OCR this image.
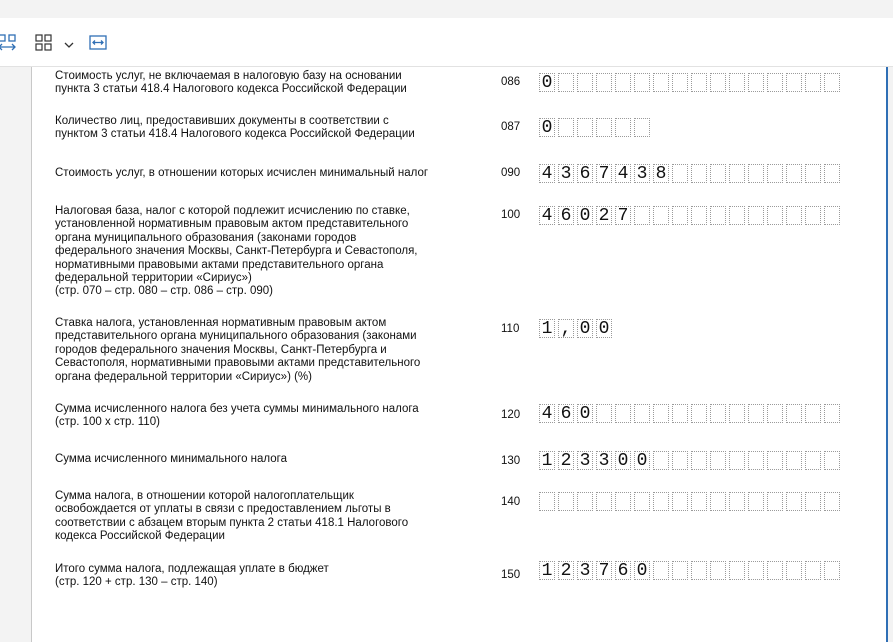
Стоимость услуг, не включаемая в налоговую базу на основании
пункта 3 статьи 418.4 Налогового кодекса Российской Федерации
086 0
Количество лиц, предоставивших документы в соответствии с
пунктом 3 статьи 418.4 Налогового кодекса Российской Федерации
087 0
Стоимость услуг, в отношении которых исчислен минимальный налог	090 4 3 6 7 4 3 8
Налоговая база, налог с которой подлежит исчислению по ставке,
установленной нормативным правовым актом представительного
органа муниципального образования (законами городов
федерального значения Москвы, Санкт-Петербурга и Севастополя,
нормативными правовыми актами представительного органа
федеральной территории «Сириус»)
(стр. 070 – стр. 080 – стр. 086 – стр. 090)
100 4 6 0 2 7
Ставка налога, установленная нормативным правовым актом
представительного органа муниципального образования (законами
городов федерального значения Москвы, Санкт-Петербурга и
Севастополя, нормативными правовыми актами представительного
органа федеральной территории «Сириус») (%)
110 1 , 0 0
Сумма исчисленного налога без учета суммы минимального налога
(стр. 100 x стр. 110)
120 4 6 0
Сумма исчисленного минимального налога	130 1 2 3 3 0 0
Сумма налога, в отношении которой налогоплательщик
освобождается от уплаты в связи с предоставлением льготы в
соответствии с абзацем вторым пункта 2 статьи 418.1 Налогового
кодекса Российской Федерации
140
Итого сумма налога, подлежащая уплате в бюджет
(стр. 120 + стр. 130 – стр. 140)
150 1 2 3 7 6 0
